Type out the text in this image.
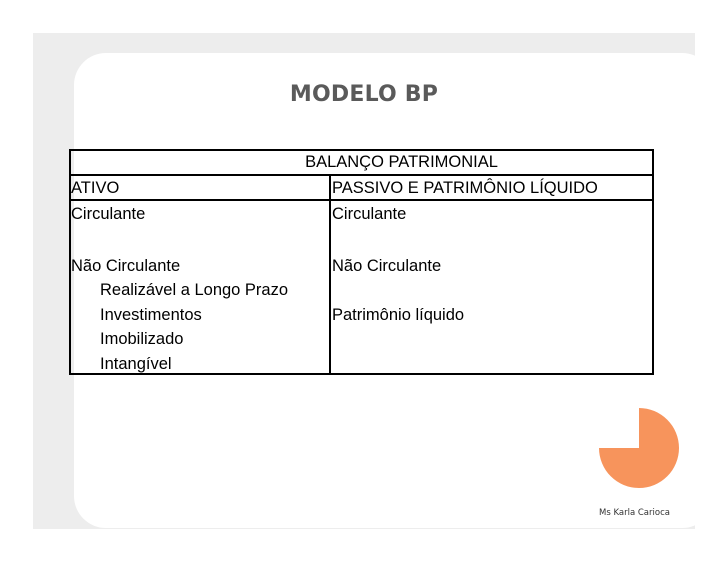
MODELO BP
BALANÇO PATRIMONIAL
ATIVO	PASSIVO E PATRIMÔNIO LÍQUIDO
Circulante
Não Circulante
Realizável a Longo Prazo
Investimentos
Imobilizado
Intangível
Circulante
Não Circulante
Patrimônio líquido
Ms Karla Carioca
